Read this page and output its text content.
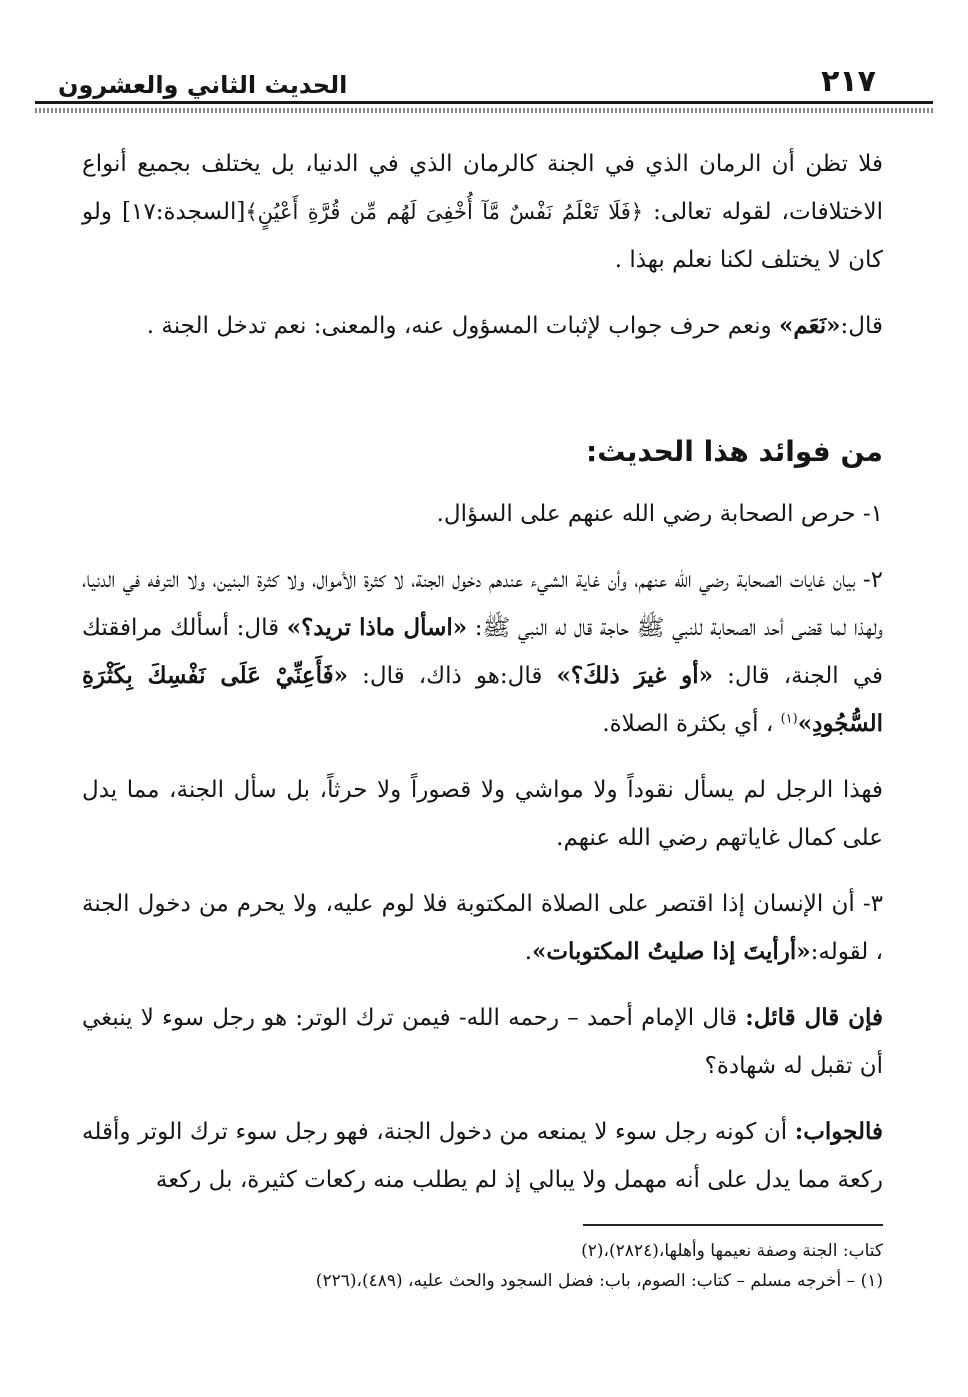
٢١٧
الحديث الثاني والعشرون

فلا تظن أن الرمان الذي في الجنة كالرمان الذي في الدنيا، بل يختلف بجميع أنواع الاختلافات، لقوله تعالى: ﴿فَلَا تَعْلَمُ نَفْسٌ مَّآ أُخْفِىَ لَهُم مِّن قُرَّةِ أَعْيُنٍ﴾[السجدة:١٧] ولو كان لا يختلف لكنا نعلم بهذا .

قال:«نَعَم» ونعم حرف جواب لإثبات المسؤول عنه، والمعنى: نعم تدخل الجنة .

من فوائد هذا الحديث:

١- حرص الصحابة رضي الله عنهم على السؤال.

٢- بيان غايات الصحابة رضي الله عنهم، وأن غاية الشيء عندهم دخول الجنة، لا كثرة الأموال، ولا كثرة البنين، ولا الترفه في الدنيا، ولهذا لما قضى أحد الصحابة للنبي ﷺ حاجة قال له النبي ﷺ: «اسأل ماذا تريد؟» قال: أسألك مرافقتك في الجنة، قال: «أو غيرَ ذلكَ؟» قال:هو ذاك، قال: «فَأَعِنِّيْ عَلَى نَفْسِكَ بِكَثْرَةِ السُّجُودِ»$^{(١)}$ ، أي بكثرة الصلاة.

فهذا الرجل لم يسأل نقوداً ولا مواشي ولا قصوراً ولا حرثاً، بل سأل الجنة، مما يدل على كمال غاياتهم رضي الله عنهم.

٣- أن الإنسان إذا اقتصر على الصلاة المكتوبة فلا لوم عليه، ولا يحرم من دخول الجنة ، لقوله:«أرأيتَ إذا صليتُ المكتوبات».

فإن قال قائل: قال الإمام أحمد – رحمه الله- فيمن ترك الوتر: هو رجل سوء لا ينبغي أن تقبل له شهادة؟

فالجواب: أن كونه رجل سوء لا يمنعه من دخول الجنة، فهو رجل سوء ترك الوتر وأقله ركعة مما يدل على أنه مهمل ولا يبالي إذ لم يطلب منه ركعات كثيرة، بل ركعة

كتاب: الجنة وصفة نعيمها وأهلها،(٢٨٢٤)،(٢)

(١) – أخرجه مسلم – كتاب: الصوم، باب: فضل السجود والحث عليه، (٤٨٩)،(٢٢٦)
